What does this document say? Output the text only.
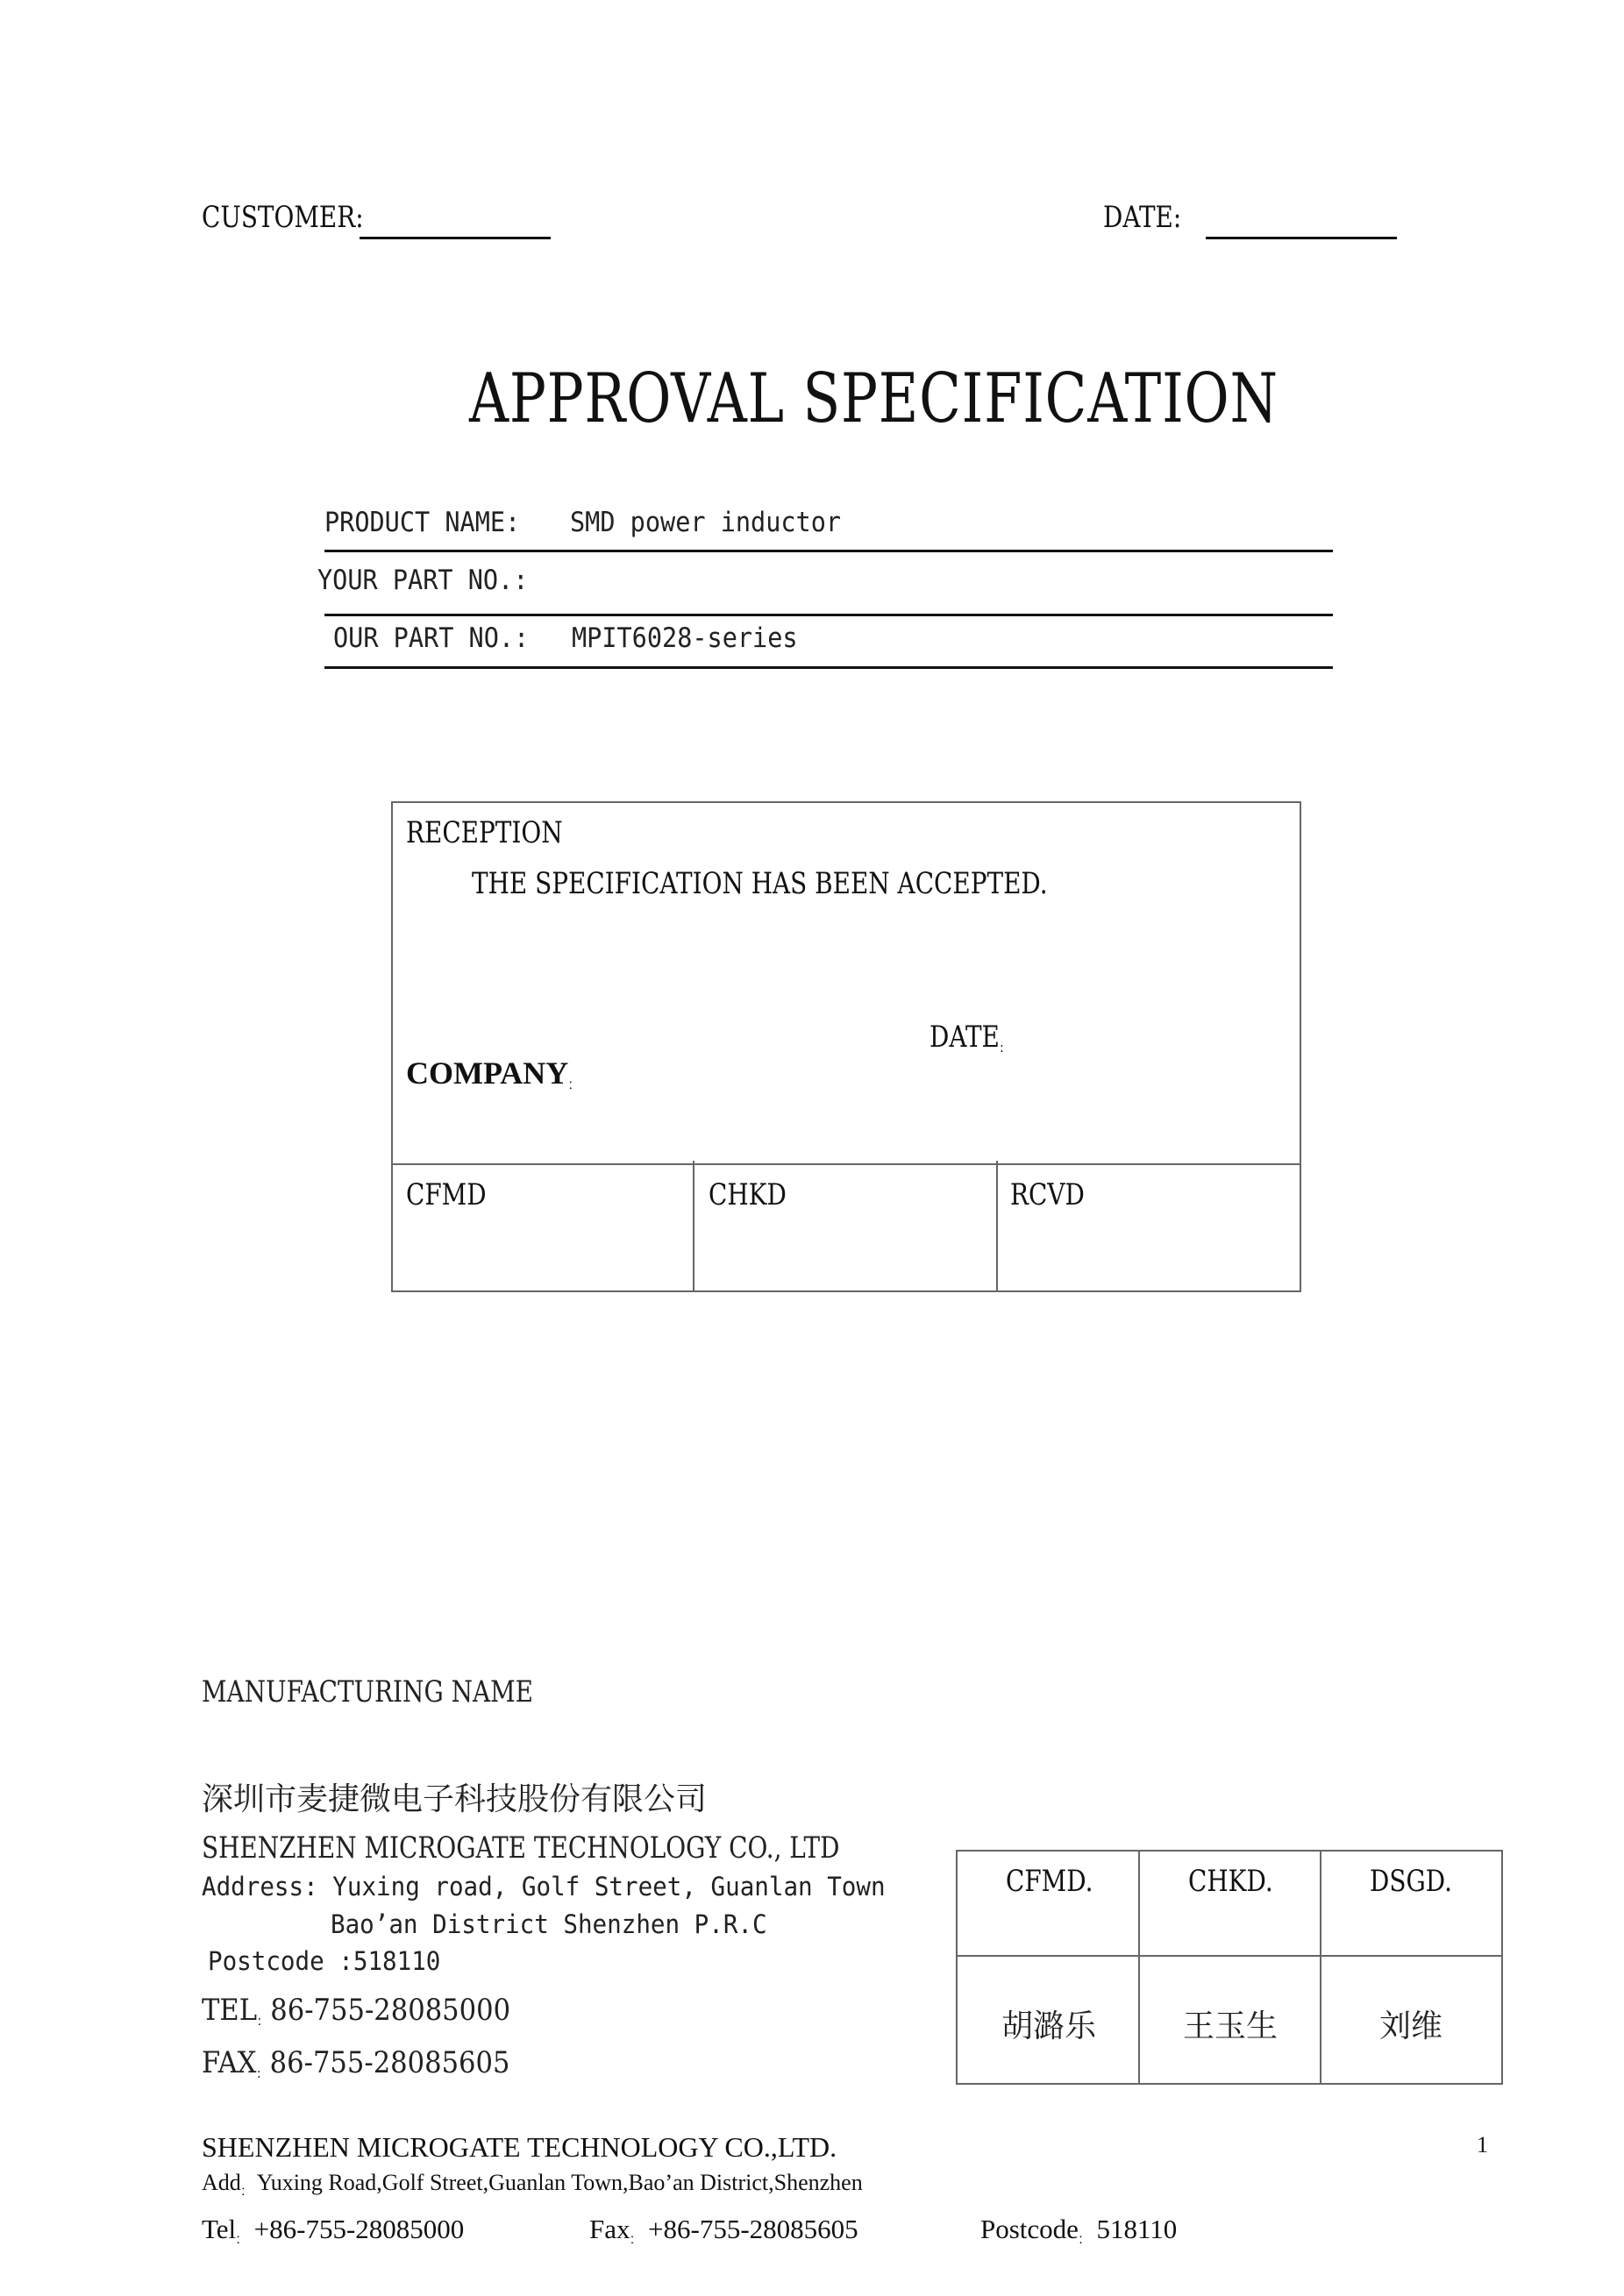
CUSTOMER:	DATE:
APPROVAL SPECIFICATION
PRODUCT NAME: SMD power inductor
YOUR PART NO.:
OUR PART NO.: MPIT6028-series
RECEPTION
THE SPECIFICATION HAS BEEN ACCEPTED.
DATEː
COMPANYː
CFMD	CHKD	RCVD
MANUFACTURING NAME
深圳市麦捷微电子科技股份有限公司
SHENZHEN MICROGATE TECHNOLOGY CO., LTD
Address: Yuxing road, Golf Street, Guanlan Town
Bao’an District Shenzhen P.R.C
Postcode :518110
TELː 86-755-28085000
FAXː 86-755-28085605
CFMD.	CHKD.	DSGD.
胡潞乐	王玉生	刘维
SHENZHEN MICROGATE TECHNOLOGY CO.,LTD.	1
Add$_ː$ Yuxing Road,Golf Street,Guanlan Town,Bao’an District,Shenzhen
Telː +86-755-28085000	Faxː +86-755-28085605	Postcodeː 518110
